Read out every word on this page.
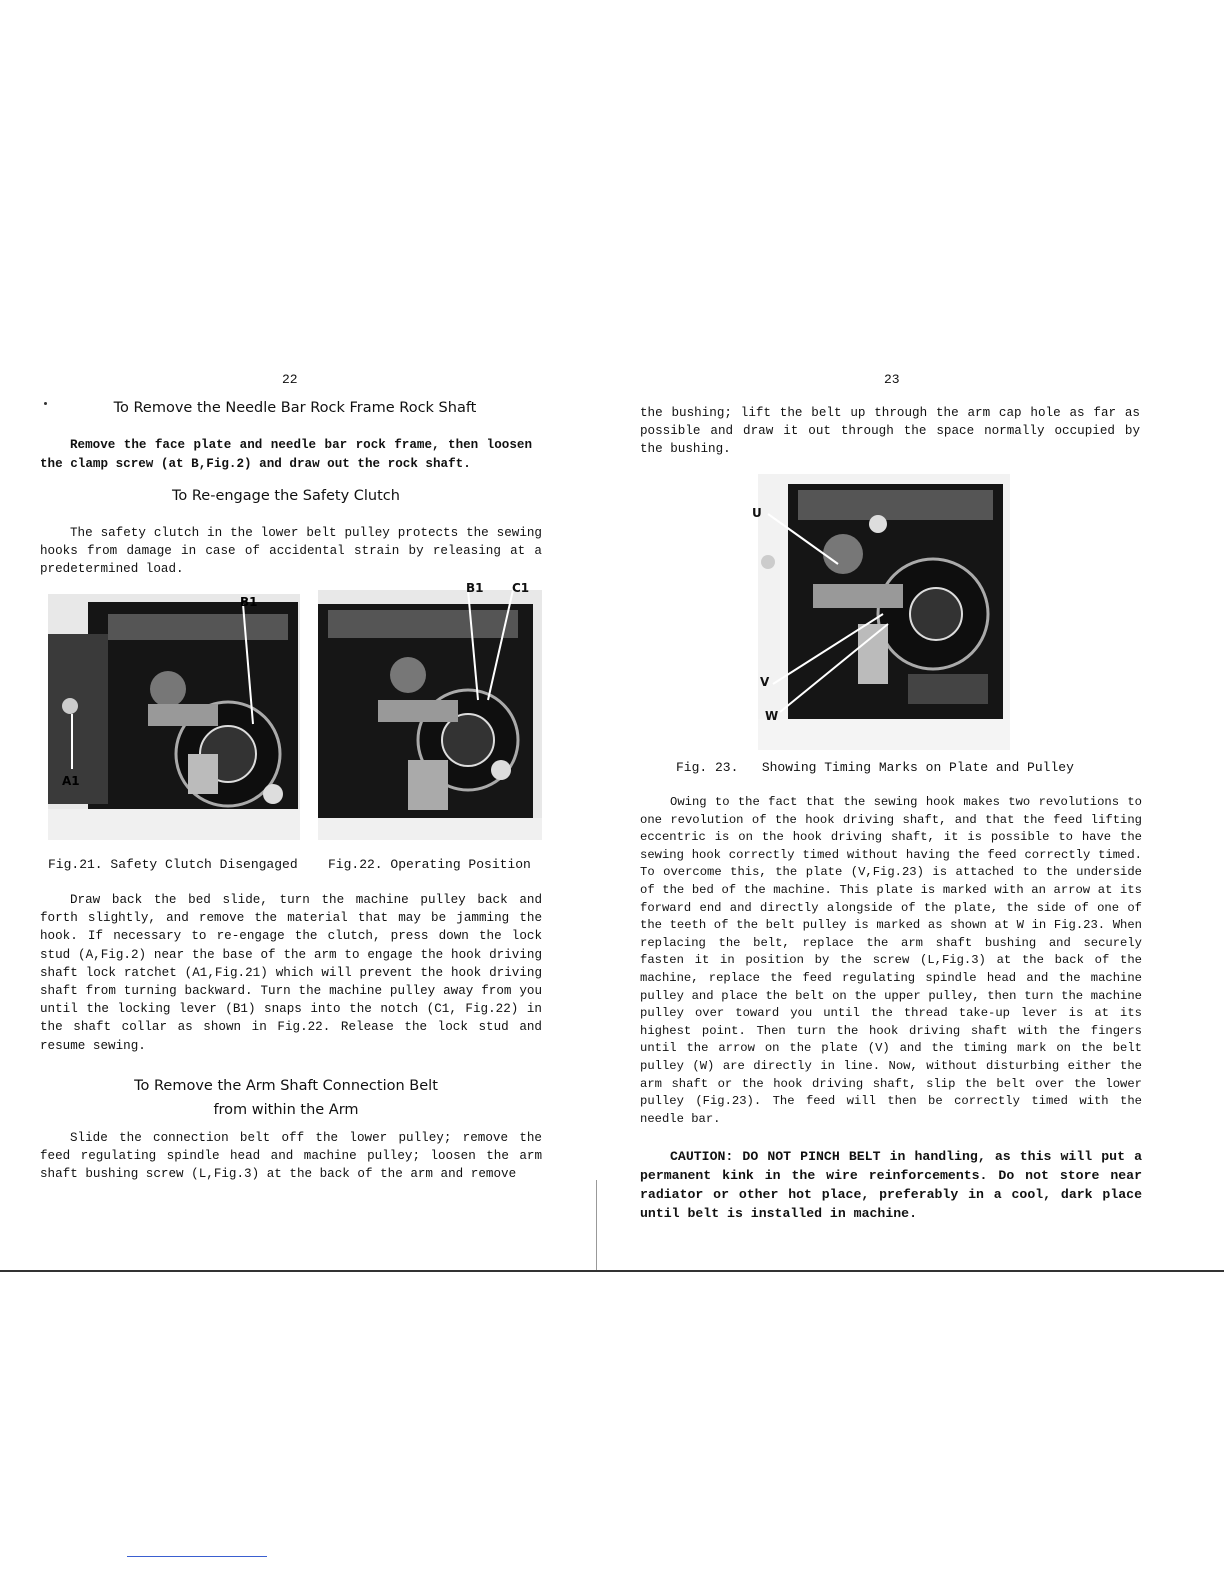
22
To Remove the Needle Bar Rock Frame Rock Shaft

Remove the face plate and needle bar rock frame, then loosen the clamp screw (at B,Fig.2) and draw out the rock shaft.

To Re-engage the Safety Clutch

The safety clutch in the lower belt pulley protects the sewing hooks from damage in case of accidental strain by releasing at a predetermined load.

B1
A1
B1 C1
Fig.21. Safety Clutch Disengaged Fig.22. Operating Position

Draw back the bed slide, turn the machine pulley back and forth slightly, and remove the material that may be jamming the hook. If necessary to re-engage the clutch, press down the lock stud (A,Fig.2) near the base of the arm to engage the hook driving shaft lock ratchet (A1,Fig.21) which will prevent the hook driving shaft from turning backward. Turn the machine pulley away from you until the locking lever (B1) snaps into the notch (C1, Fig.22) in the shaft collar as shown in Fig.22. Release the lock stud and resume sewing.

To Remove the Arm Shaft Connection Belt
from within the Arm

Slide the connection belt off the lower pulley; remove the feed regulating spindle head and machine pulley; loosen the arm shaft bushing screw (L,Fig.3) at the back of the arm and remove

23

the bushing; lift the belt up through the arm cap hole as far as possible and draw it out through the space normally occupied by the bushing.

U
V
W
Fig. 23.   Showing Timing Marks on Plate and Pulley

Owing to the fact that the sewing hook makes two revolutions to one revolution of the hook driving shaft, and that the feed lifting eccentric is on the hook driving shaft, it is possible to have the sewing hook correctly timed without having the feed correctly timed. To overcome this, the plate (V,Fig.23) is attached to the underside of the bed of the machine. This plate is marked with an arrow at its forward end and directly alongside of the plate, the side of one of the teeth of the belt pulley is marked as shown at W in Fig.23. When replacing the belt, replace the arm shaft bushing and securely fasten it in position by the screw (L,Fig.3) at the back of the machine, replace the feed regulating spindle head and the machine pulley and place the belt on the upper pulley, then turn the machine pulley over toward you until the thread take-up lever is at its highest point. Then turn the hook driving shaft with the fingers until the arrow on the plate (V) and the timing mark on the belt pulley (W) are directly in line. Now, without disturbing either the arm shaft or the hook driving shaft, slip the belt over the lower pulley (Fig.23). The feed will then be correctly timed with the needle bar.

CAUTION: DO NOT PINCH BELT in handling, as this will put a permanent kink in the wire reinforcements. Do not store near radiator or other hot place, preferably in a cool, dark place until belt is installed in machine.
